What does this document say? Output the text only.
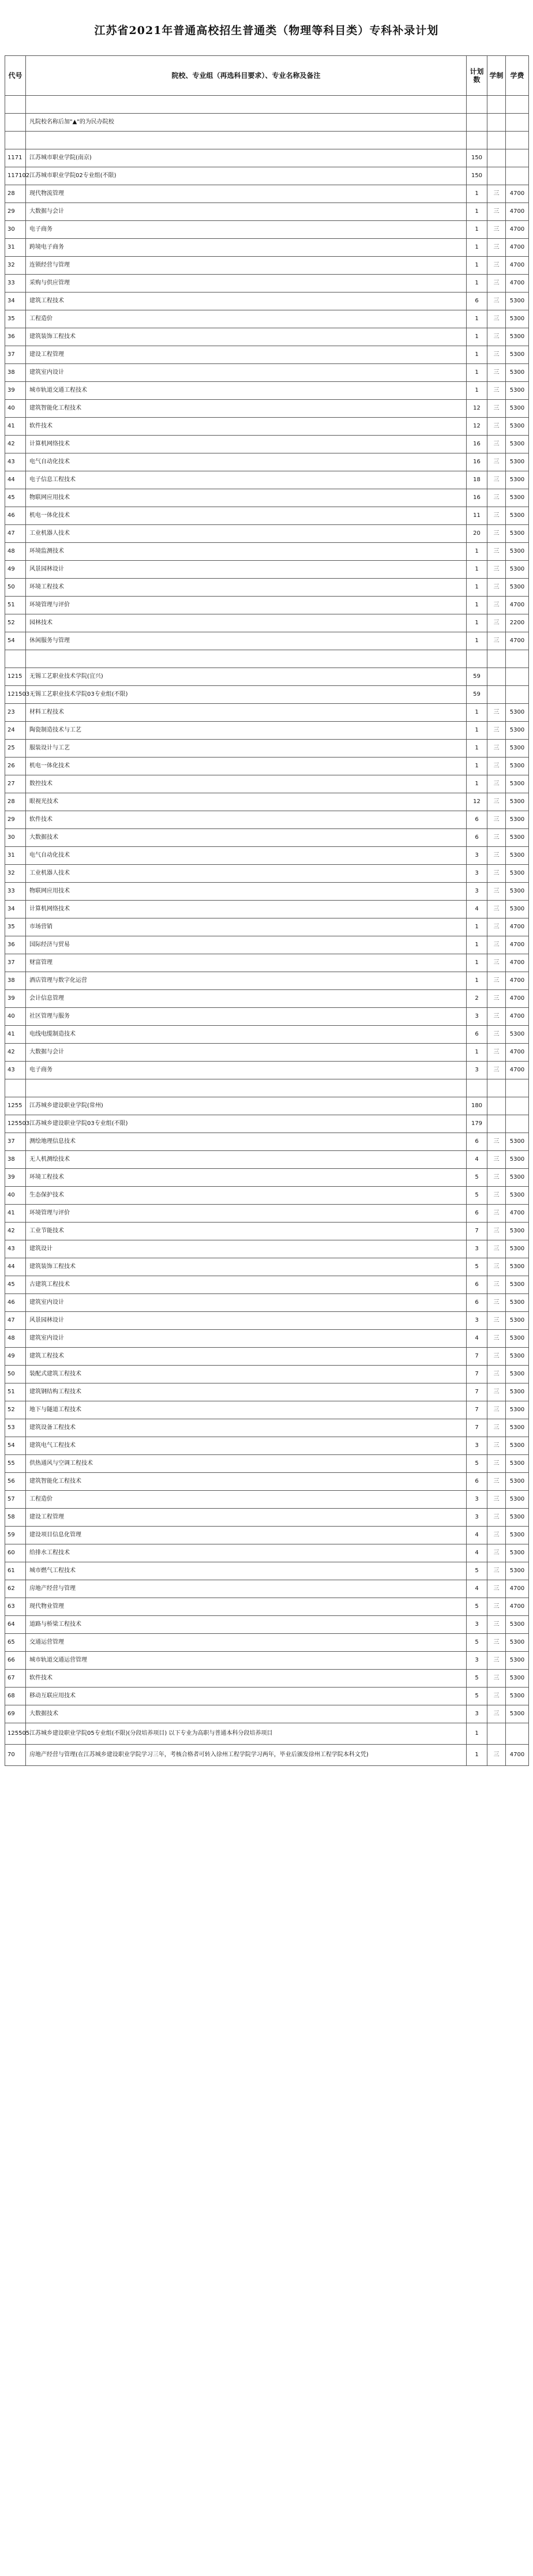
江苏省2021年普通高校招生普通类（物理等科目类）专科补录计划
代号	院校、专业组（再选科目要求）、专业名称及备注	计划数	学制	学费

	凡院校名称后加"▲"的为民办院校			

1171	江苏城市职业学院(南京)	150		
117102	江苏城市职业学院02专业组(不限)	150		
28	现代物流管理	1	三	4700
29	大数据与会计	1	三	4700
30	电子商务	1	三	4700
31	跨境电子商务	1	三	4700
32	连锁经营与管理	1	三	4700
33	采购与供应管理	1	三	4700
34	建筑工程技术	6	三	5300
35	工程造价	1	三	5300
36	建筑装饰工程技术	1	三	5300
37	建设工程管理	1	三	5300
38	建筑室内设计	1	三	5300
39	城市轨道交通工程技术	1	三	5300
40	建筑智能化工程技术	12	三	5300
41	软件技术	12	三	5300
42	计算机网络技术	16	三	5300
43	电气自动化技术	16	三	5300
44	电子信息工程技术	18	三	5300
45	物联网应用技术	16	三	5300
46	机电一体化技术	11	三	5300
47	工业机器人技术	20	三	5300
48	环境监测技术	1	三	5300
49	风景园林设计	1	三	5300
50	环境工程技术	1	三	5300
51	环境管理与评价	1	三	4700
52	园林技术	1	三	2200
54	休闲服务与管理	1	三	4700

1215	无锡工艺职业技术学院(宜兴)	59		
121503	无锡工艺职业技术学院03专业组(不限)	59		
23	材料工程技术	1	三	5300
24	陶瓷制造技术与工艺	1	三	5300
25	服装设计与工艺	1	三	5300
26	机电一体化技术	1	三	5300
27	数控技术	1	三	5300
28	眼视光技术	12	三	5300
29	软件技术	6	三	5300
30	大数据技术	6	三	5300
31	电气自动化技术	3	三	5300
32	工业机器人技术	3	三	5300
33	物联网应用技术	3	三	5300
34	计算机网络技术	4	三	5300
35	市场营销	1	三	4700
36	国际经济与贸易	1	三	4700
37	财富管理	1	三	4700
38	酒店管理与数字化运营	1	三	4700
39	会计信息管理	2	三	4700
40	社区管理与服务	3	三	4700
41	电线电缆制造技术	6	三	5300
42	大数据与会计	1	三	4700
43	电子商务	3	三	4700

1255	江苏城乡建设职业学院(常州)	180		
125503	江苏城乡建设职业学院03专业组(不限)	179		
37	测绘地理信息技术	6	三	5300
38	无人机测绘技术	4	三	5300
39	环境工程技术	5	三	5300
40	生态保护技术	5	三	5300
41	环境管理与评价	6	三	4700
42	工业节能技术	7	三	5300
43	建筑设计	3	三	5300
44	建筑装饰工程技术	5	三	5300
45	古建筑工程技术	6	三	5300
46	建筑室内设计	6	三	5300
47	风景园林设计	3	三	5300
48	建筑室内设计	4	三	5300
49	建筑工程技术	7	三	5300
50	装配式建筑工程技术	7	三	5300
51	建筑钢结构工程技术	7	三	5300
52	地下与隧道工程技术	7	三	5300
53	建筑设备工程技术	7	三	5300
54	建筑电气工程技术	3	三	5300
55	供热通风与空调工程技术	5	三	5300
56	建筑智能化工程技术	6	三	5300
57	工程造价	3	三	5300
58	建设工程管理	3	三	5300
59	建设项目信息化管理	4	三	5300
60	给排水工程技术	4	三	5300
61	城市燃气工程技术	5	三	5300
62	房地产经营与管理	4	三	4700
63	现代物业管理	5	三	4700
64	道路与桥梁工程技术	3	三	5300
65	交通运营管理	5	三	5300
66	城市轨道交通运营管理	3	三	5300
67	软件技术	5	三	5300
68	移动互联应用技术	5	三	5300
69	大数据技术	3	三	5300
125505	江苏城乡建设职业学院05专业组(不限)(分段培养项目) 以下专业为高职与普通本科分段培养项目	1		
70	房地产经营与管理(在江苏城乡建设职业学院学习三年，考核合格者可转入徐州工程学院学习两年，毕业后颁发徐州工程学院本科文凭)	1	三	4700
